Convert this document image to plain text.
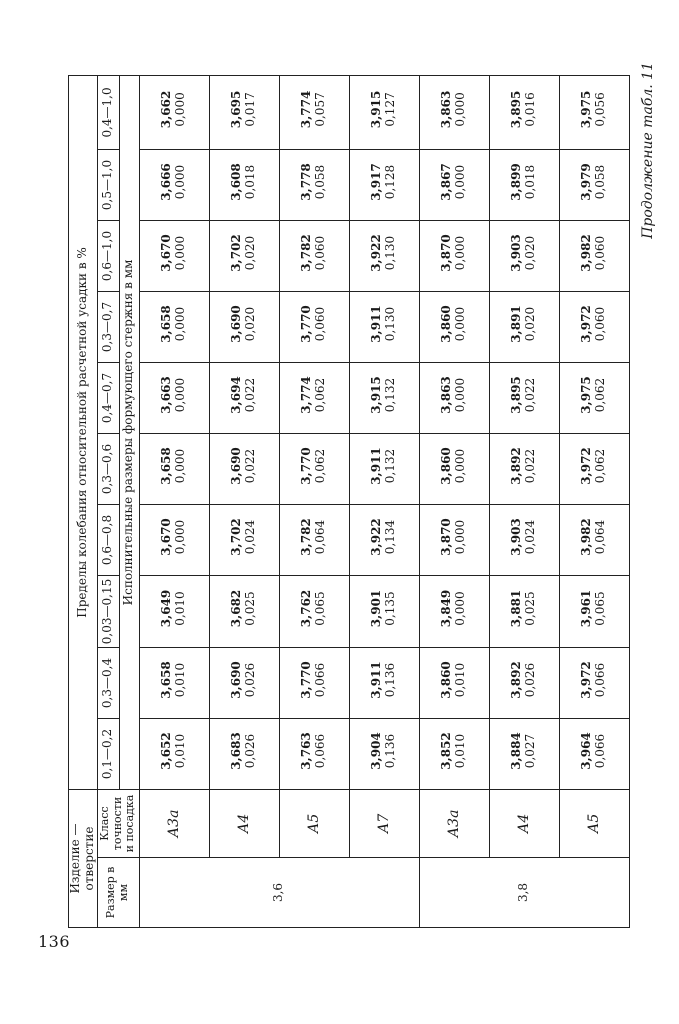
136
Продолжение табл. 11
Изделие — отверстие		Пределы колебания относительной расчетной усадки в %									
Размер в мм	Класс точности и посадка	0,1—0,2	0,3—0,4	0,03—0,15	0,6—0,8	0,3—0,6	0,4—0,7	0,3—0,7	0,6—1,0	0,5—1,0	0,4—1,0
		Исполнительные размеры формующего стержня в мм									
3,6	А3а	3,652 0,010	3,658 0,010	3,649 0,010	3,670 0,000	3,658 0,000	3,663 0,000	3,658 0,000	3,670 0,000	3,666 0,000	3,662 0,000

	А4	3,683 0,026	3,690 0,026	3,682 0,025	3,702 0,024	3,690 0,022	3,694 0,022	3,690 0,020	3,702 0,020	3,608 0,018	3,695 0,017

	А5	3,763 0,066	3,770 0,066	3,762 0,065	3,782 0,064	3,770 0,062	3,774 0,062	3,770 0,060	3,782 0,060	3,778 0,058	3,774 0,057

	А7	3,904 0,136	3,911 0,136	3,901 0,135	3,922 0,134	3,911 0,132	3,915 0,132	3,911 0,130	3,922 0,130	3,917 0,128	3,915 0,127

3,8	А3а	3,852 0,010	3,860 0,010	3,849 0,000	3,870 0,000	3,860 0,000	3,863 0,000	3,860 0,000	3,870 0,000	3,867 0,000	3,863 0,000

	А4	3,884 0,027	3,892 0,026	3,881 0,025	3,903 0,024	3,892 0,022	3,895 0,022	3,891 0,020	3,903 0,020	3,899 0,018	3,895 0,016

	А5	3,964 0,066	3,972 0,066	3,961 0,065	3,982 0,064	3,972 0,062	3,975 0,062	3,972 0,060	3,982 0,060	3,979 0,058	3,975 0,056
